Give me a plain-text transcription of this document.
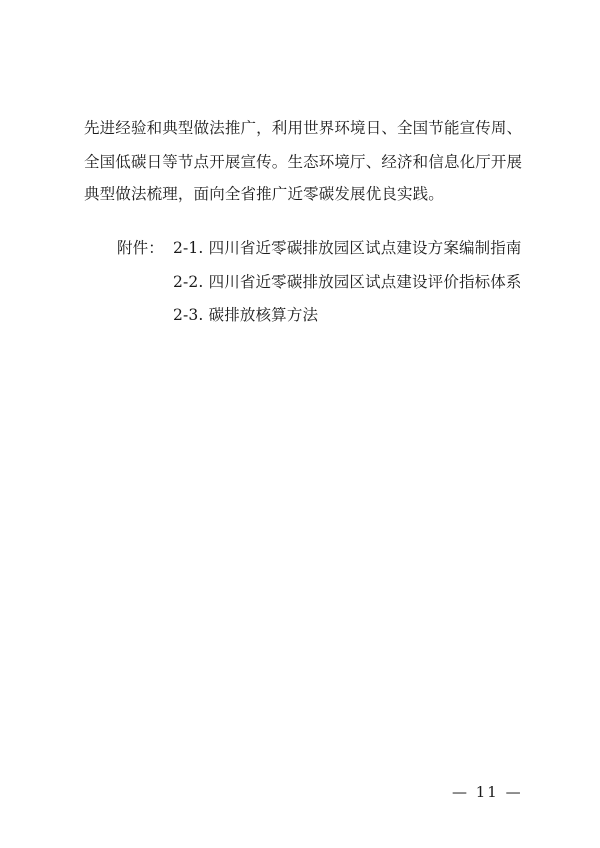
先进经验和典型做法推广，利用世界环境日、全国节能宣传周、
全国低碳日等节点开展宣传。生态环境厅、经济和信息化厅开展
典型做法梳理，面向全省推广近零碳发展优良实践。
附件： 2-1. 四川省近零碳排放园区试点建设方案编制指南
2-2. 四川省近零碳排放园区试点建设评价指标体系
2-3. 碳排放核算方法
— 11 —
